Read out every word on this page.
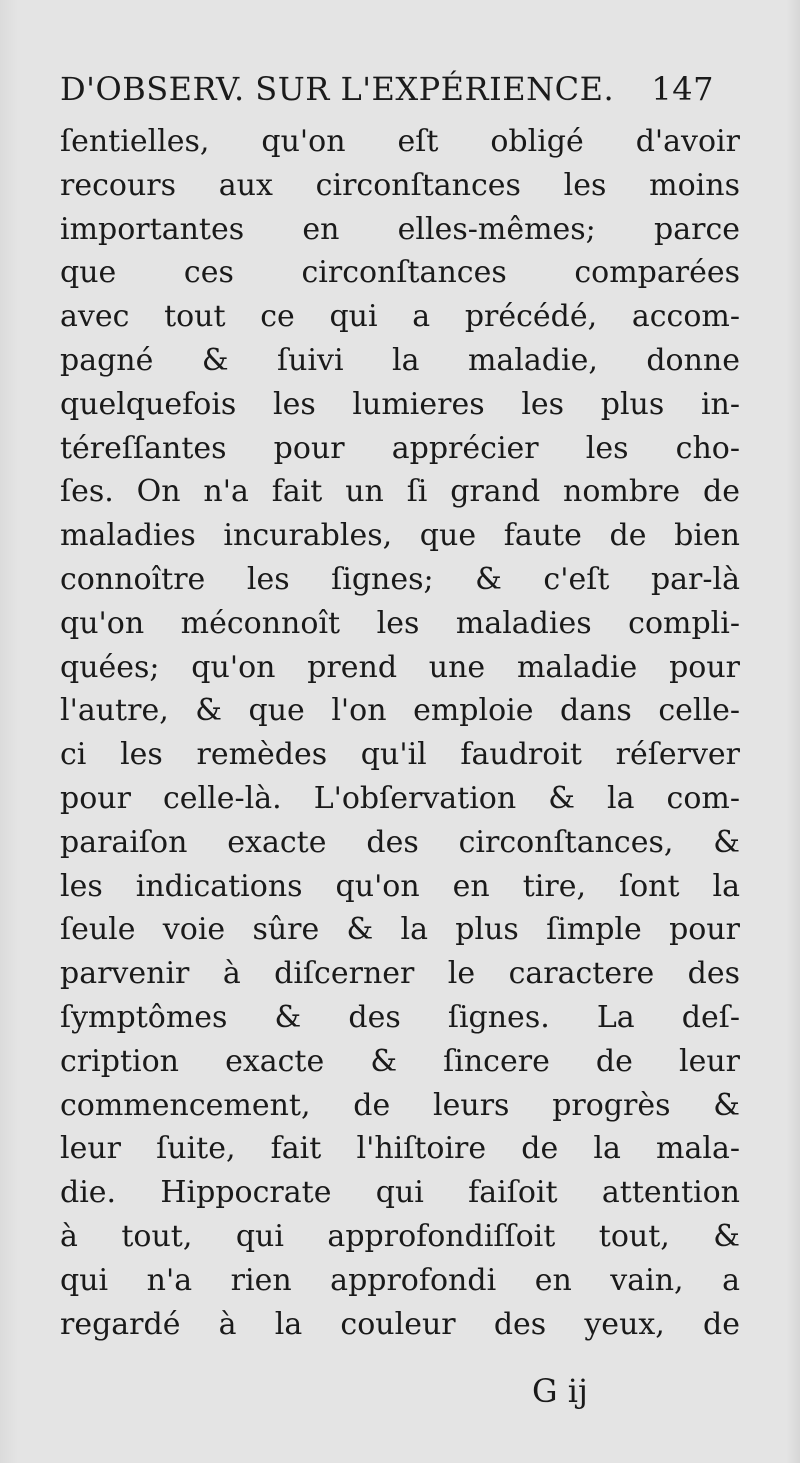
D'OBSERV. SUR L'EXPÉRIENCE. 147
ſentielles, qu'on eſt obligé d'avoir
recours aux circonſtances les moins
importantes en elles-mêmes; parce
que ces circonſtances comparées
avec tout ce qui a précédé, accom-
pagné & ſuivi la maladie, donne
quelquefois les lumieres les plus in-
téreſſantes pour apprécier les cho-
ſes. On n'a fait un ſi grand nombre de
maladies incurables, que faute de bien
connoître les ſignes; & c'eſt par-là
qu'on méconnoît les maladies compli-
quées; qu'on prend une maladie pour
l'autre, & que l'on emploie dans celle-
ci les remèdes qu'il faudroit réſerver
pour celle-là. L'obſervation & la com-
paraiſon exacte des circonſtances, &
les indications qu'on en tire, ſont la
ſeule voie sûre & la plus ſimple pour
parvenir à diſcerner le caractere des
ſymptômes & des ſignes. La deſ-
cription exacte & ſincere de leur
commencement, de leurs progrès &
leur ſuite, fait l'hiſtoire de la mala-
die. Hippocrate qui faiſoit attention
à tout, qui approfondiſſoit tout, &
qui n'a rien approfondi en vain, a
regardé à la couleur des yeux, de
G ij
